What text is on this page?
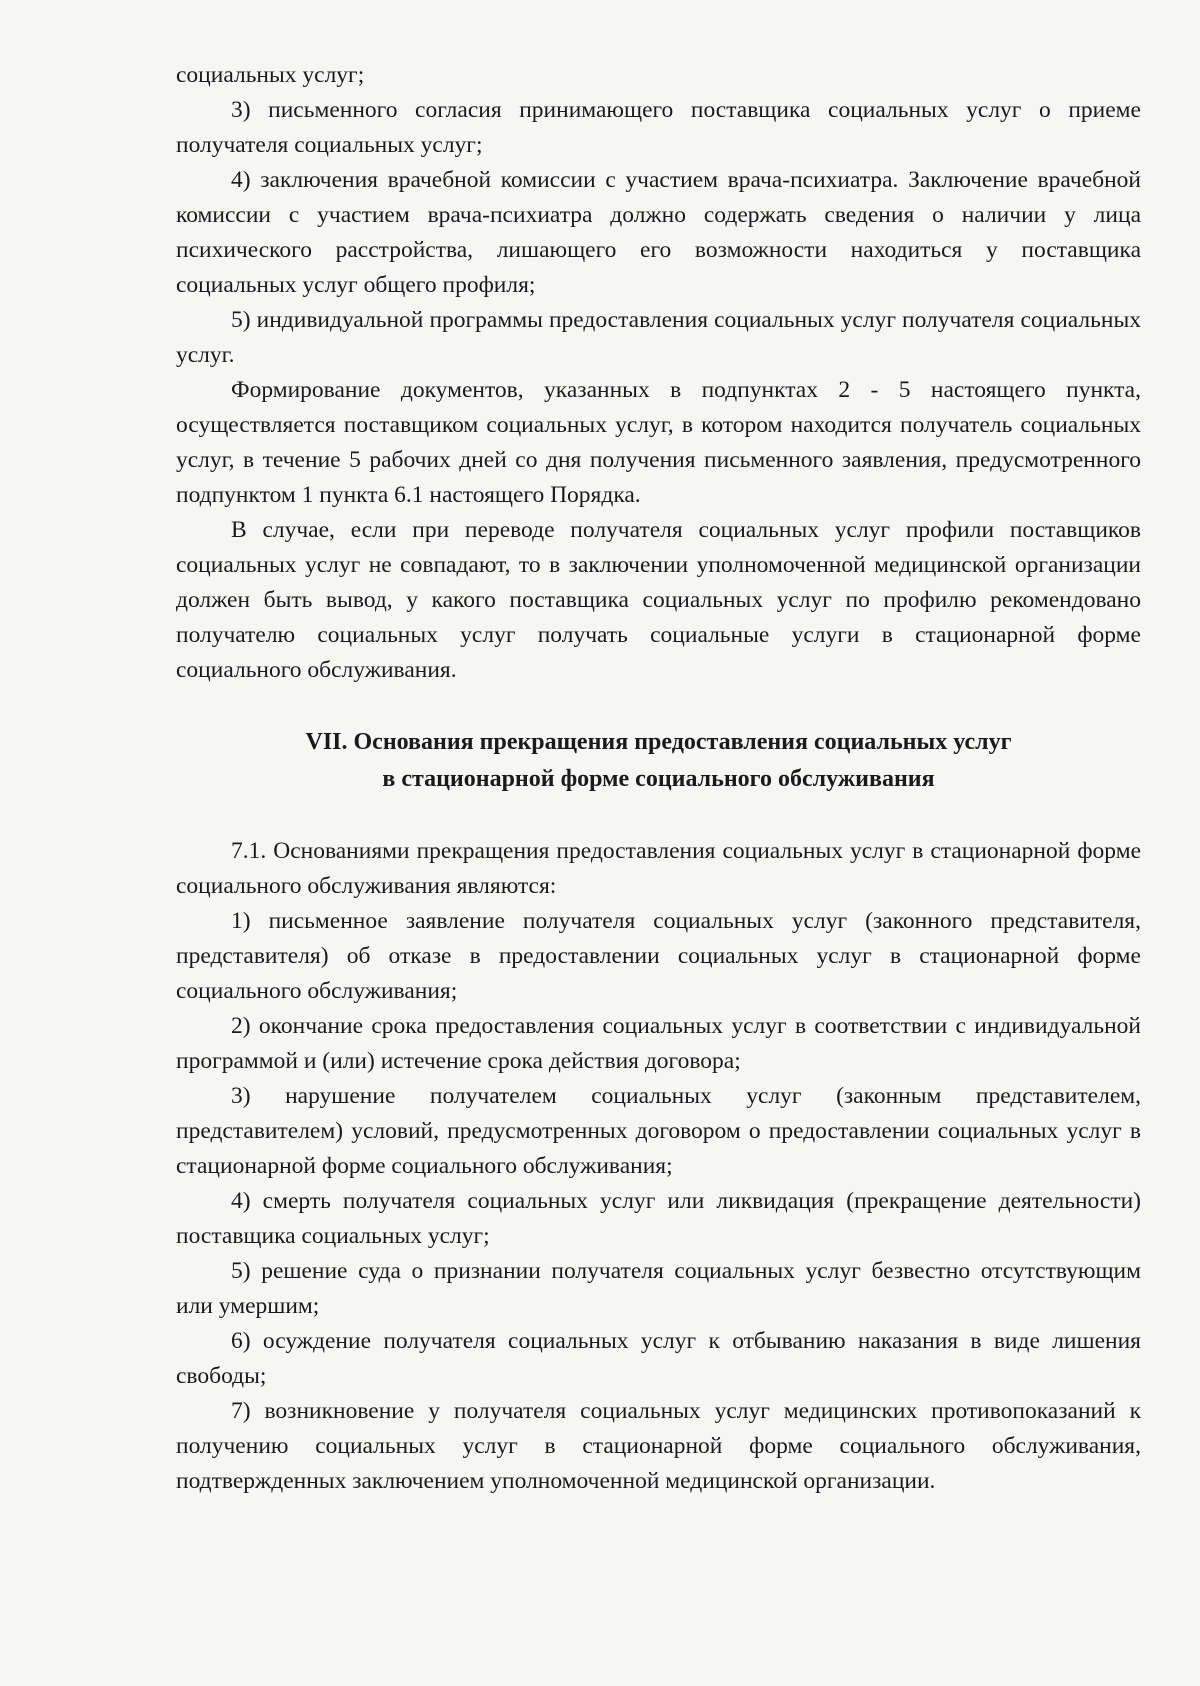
социальных услуг;

3) письменного согласия принимающего поставщика социальных услуг о приеме получателя социальных услуг;

4) заключения врачебной комиссии с участием врача-психиатра. Заключение врачебной комиссии с участием врача-психиатра должно содержать сведения о наличии у лица психического расстройства, лишающего его возможности находиться у поставщика социальных услуг общего профиля;

5) индивидуальной программы предоставления социальных услуг получателя социальных услуг.

Формирование документов, указанных в подпунктах 2 - 5 настоящего пункта, осуществляется поставщиком социальных услуг, в котором находится получатель социальных услуг, в течение 5 рабочих дней со дня получения письменного заявления, предусмотренного подпунктом 1 пункта 6.1 настоящего Порядка.

В случае, если при переводе получателя социальных услуг профили поставщиков социальных услуг не совпадают, то в заключении уполномоченной медицинской организации должен быть вывод, у какого поставщика социальных услуг по профилю рекомендовано получателю социальных услуг получать социальные услуги в стационарной форме социального обслуживания.

VII. Основания прекращения предоставления социальных услуг
в стационарной форме социального обслуживания

7.1. Основаниями прекращения предоставления социальных услуг в стационарной форме социального обслуживания являются:

1) письменное заявление получателя социальных услуг (законного представителя, представителя) об отказе в предоставлении социальных услуг в стационарной форме социального обслуживания;

2) окончание срока предоставления социальных услуг в соответствии с индивидуальной программой и (или) истечение срока действия договора;

3) нарушение получателем социальных услуг (законным представителем, представителем) условий, предусмотренных договором о предоставлении социальных услуг в стационарной форме социального обслуживания;

4) смерть получателя социальных услуг или ликвидация (прекращение деятельности) поставщика социальных услуг;

5) решение суда о признании получателя социальных услуг безвестно отсутствующим или умершим;

6) осуждение получателя социальных услуг к отбыванию наказания в виде лишения свободы;

7) возникновение у получателя социальных услуг медицинских противопоказаний к получению социальных услуг в стационарной форме социального обслуживания, подтвержденных заключением уполномоченной медицинской организации.
